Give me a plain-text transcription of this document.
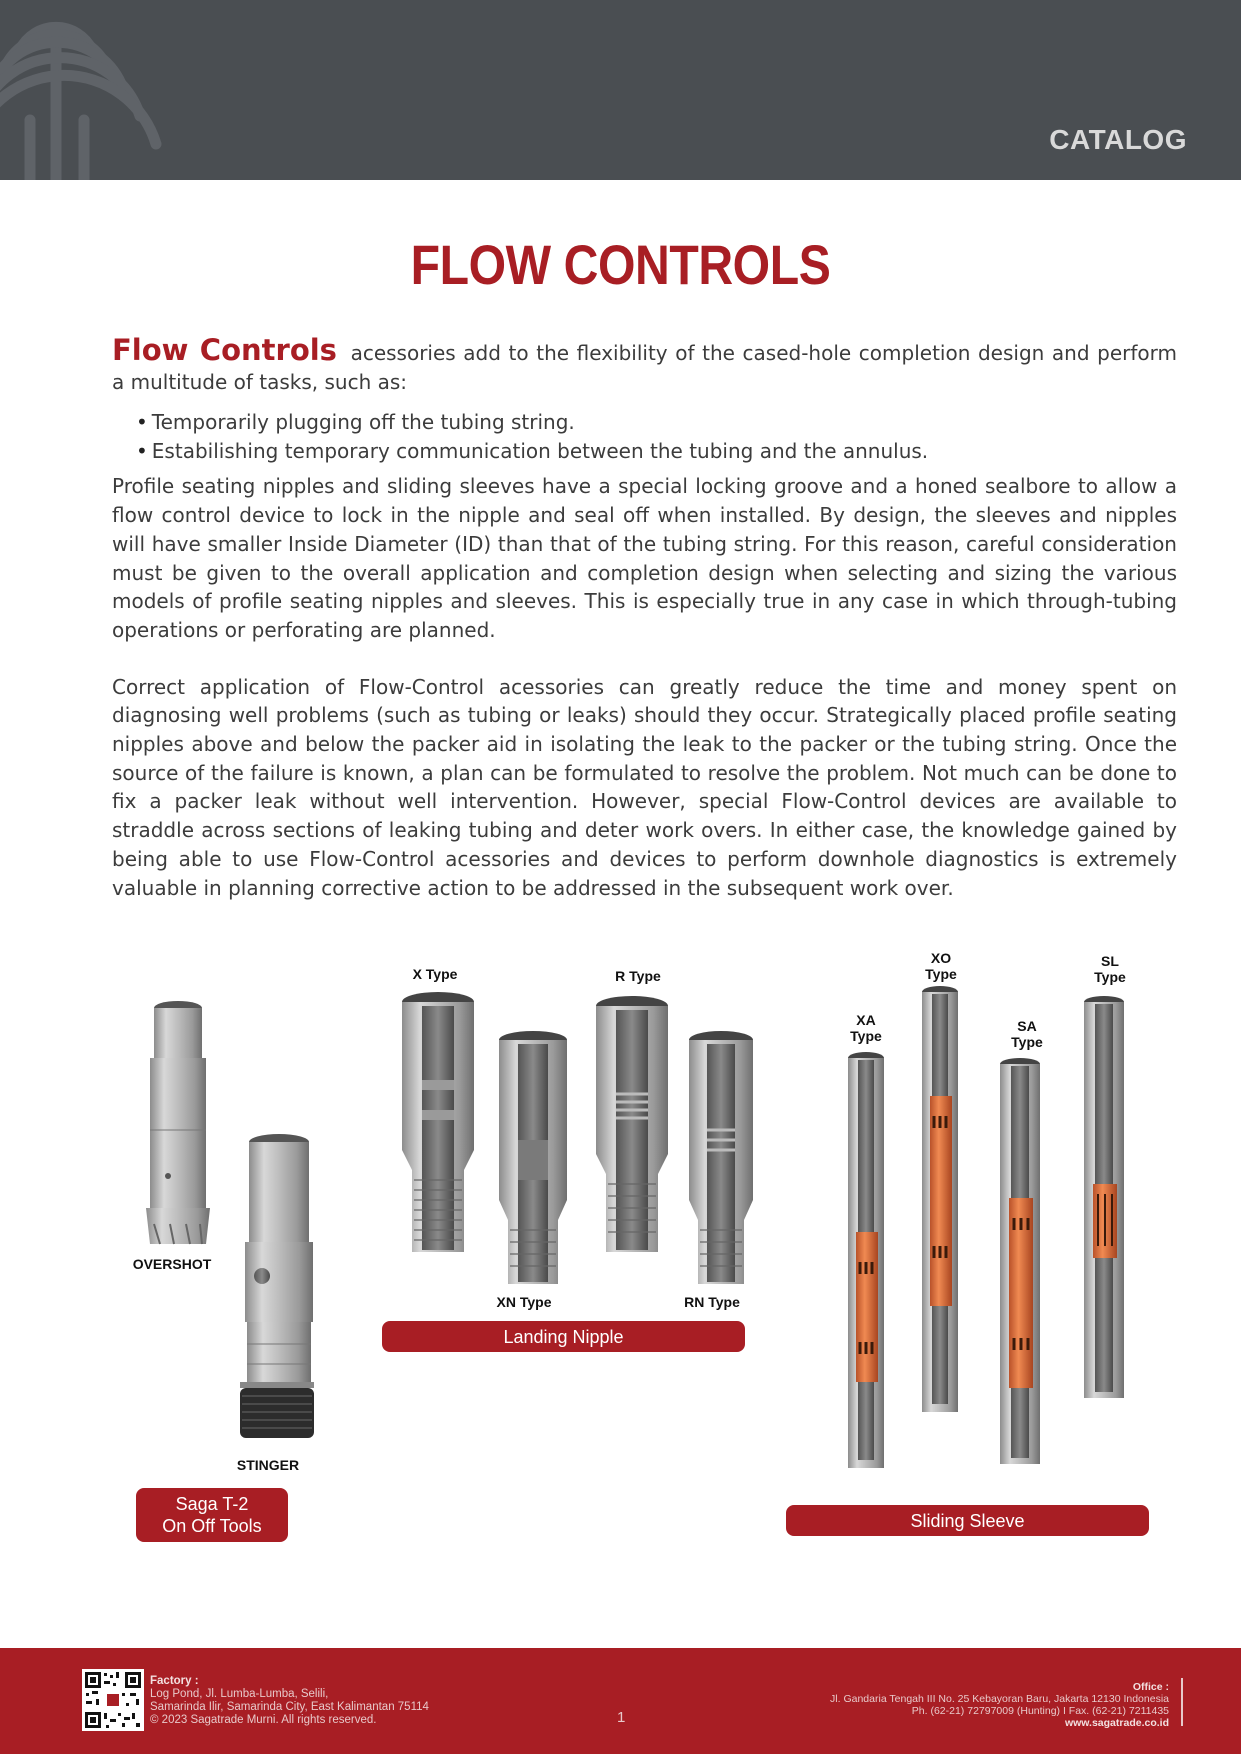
CATALOG
FLOW CONTROLS

Flow Controls acessories add to the flexibility of the cased-hole completion design and perform a multitude of tasks, such as:

• Temporarily plugging off the tubing string.
• Estabilishing temporary communication between the tubing and the annulus.

Profile seating nipples and sliding sleeves have a special locking groove and a honed sealbore to allow a flow control device to lock in the nipple and seal off when installed. By design, the sleeves and nipples will have smaller Inside Diameter (ID) than that of the tubing string. For this reason, careful consideration must be given to the overall application and completion design when selecting and sizing the various models of profile seating nipples and sleeves. This is especially true in any case in which through-tubing operations or perforating are planned.

Correct application of Flow-Control acessories can greatly reduce the time and money spent on diagnosing well problems (such as tubing or leaks) should they occur. Strategically placed profile seating nipples above and below the packer aid in isolating the leak to the packer or the tubing string. Once the source of the failure is known, a plan can be formulated to resolve the problem. Not much can be done to fix a packer leak without well intervention. However, special Flow-Control devices are available to straddle across sections of leaking tubing and deter work overs. In either case, the knowledge gained by being able to use Flow-Control acessories and devices to perform downhole diagnostics is extremely valuable in planning corrective action to be addressed in the subsequent work over.

OVERSHOT
STINGER
Saga T-2
On Off Tools
X Type	R Type
XN Type	RN Type
Landing Nipple
XA
Type
XO
Type
SA
Type
SL
Type
Sliding Sleeve
Factory :
Log Pond, Jl. Lumba-Lumba, Selili,
Samarinda Ilir, Samarinda City, East Kalimantan 75114
© 2023 Sagatrade Murni. All rights reserved.	1
Office :
Jl. Gandaria Tengah III No. 25 Kebayoran Baru, Jakarta 12130 Indonesia
Ph. (62-21) 72797009 (Hunting) I Fax. (62-21) 7211435
www.sagatrade.co.id
